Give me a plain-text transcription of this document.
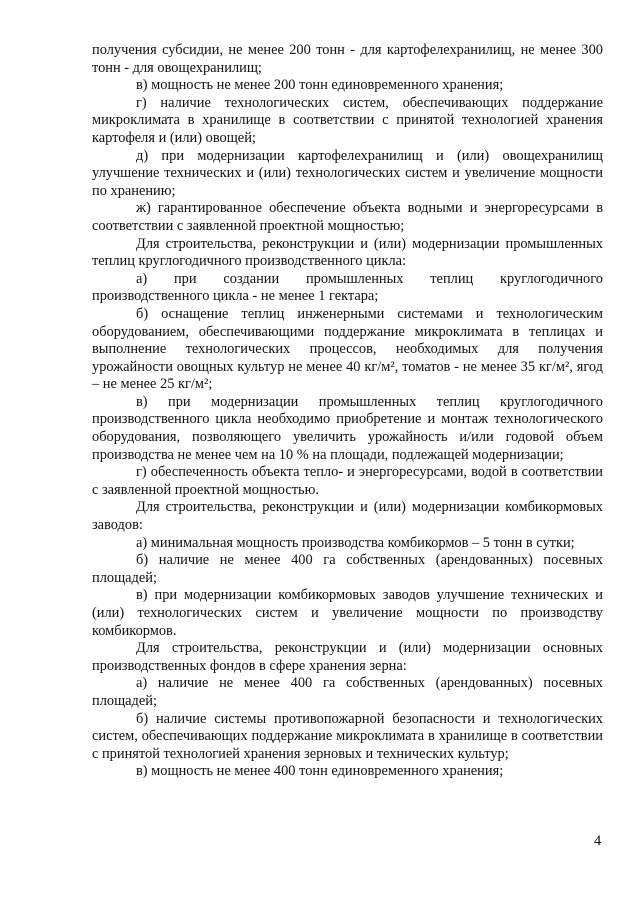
получения субсидии, не менее 200 тонн - для картофелехранилищ, не менее 300 тонн - для овощехранилищ;

в) мощность не менее 200 тонн единовременного хранения;

г) наличие технологических систем, обеспечивающих поддержание микроклимата в хранилище в соответствии с принятой технологией хранения картофеля и (или) овощей;

д) при модернизации картофелехранилищ и (или) овощехранилищ улучшение технических и (или) технологических систем и увеличение мощности по хранению;

ж) гарантированное обеспечение объекта водными и энергоресурсами в соответствии с заявленной проектной мощностью;

Для строительства, реконструкции и (или) модернизации промышленных теплиц круглогодичного производственного цикла:

а) при создании промышленных теплиц круглогодичного производственного цикла - не менее 1 гектара;

б) оснащение теплиц инженерными системами и технологическим оборудованием, обеспечивающими поддержание микроклимата в теплицах и выполнение технологических процессов, необходимых для получения урожайности овощных культур не менее 40 кг/м², томатов - не менее 35 кг/м², ягод – не менее 25 кг/м²;

в) при модернизации промышленных теплиц круглогодичного производственного цикла необходимо приобретение и монтаж технологического оборудования, позволяющего увеличить урожайность и/или годовой объем производства не менее чем на 10 % на площади, подлежащей модернизации;

г) обеспеченность объекта тепло- и энергоресурсами, водой в соответствии с заявленной проектной мощностью.

Для строительства, реконструкции и (или) модернизации комбикормовых заводов:

а) минимальная мощность производства комбикормов – 5 тонн в сутки;

б) наличие не менее 400 га собственных (арендованных) посевных площадей;

в) при модернизации комбикормовых заводов улучшение технических и (или) технологических систем и увеличение мощности по производству комбикормов.

Для строительства, реконструкции и (или) модернизации основных производственных фондов в сфере хранения зерна:

а) наличие не менее 400 га собственных (арендованных) посевных площадей;

б) наличие системы противопожарной безопасности и технологических систем, обеспечивающих поддержание микроклимата в хранилище в соответствии с принятой технологией хранения зерновых и технических культур;

в) мощность не менее 400 тонн единовременного хранения;

4
